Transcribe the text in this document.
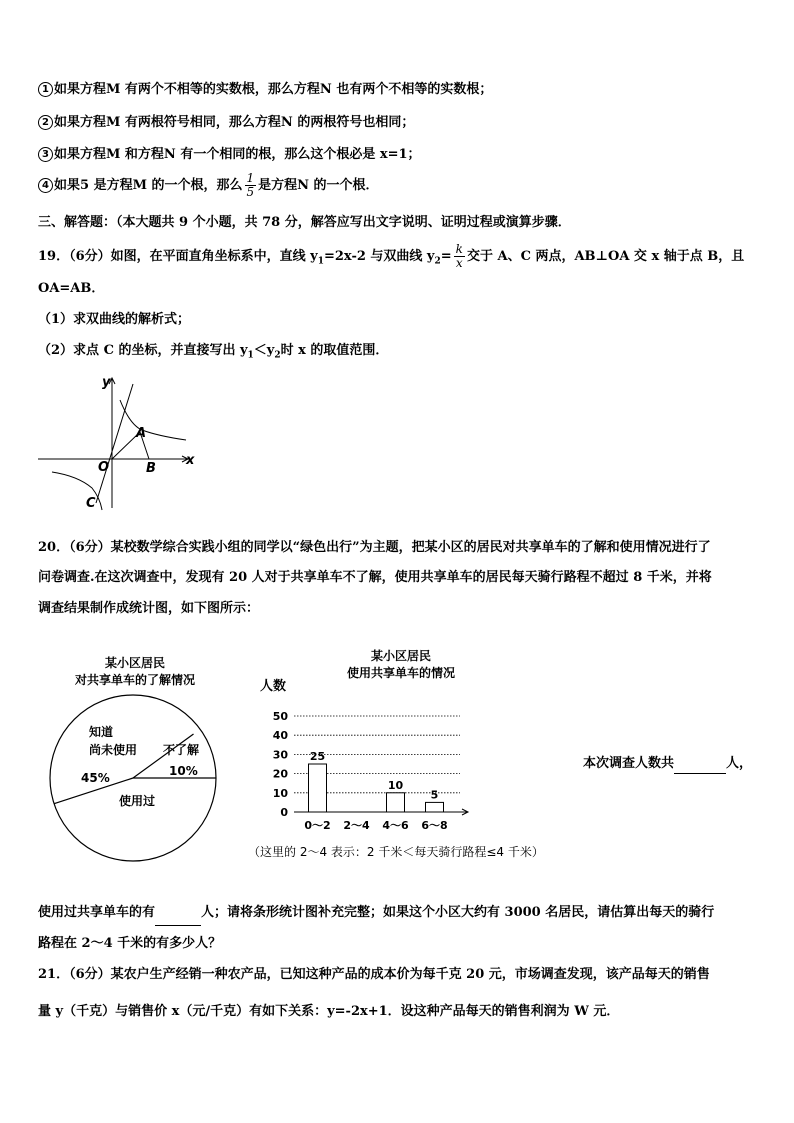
1 如果方程M 有两个不相等的实数根，那么方程N 也有两个不相等的实数根；
2 如果方程M 有两根符号相同，那么方程N 的两根符号也相同；
3 如果方程M 和方程N 有一个相同的根，那么这个根必是 x=1；
4 如果5 是方程M 的一个根，那么 $\frac{1}{5}$ 是方程N 的一个根．
三、解答题：（本大题共 9 个小题，共 78 分，解答应写出文字说明、证明过程或演算步骤．
19．（6分）如图，在平面直角坐标系中，直线 $y_1=2x-2$ 与双曲线 $y_2= \frac{k}{x}$ 交于 A、C 两点，AB⊥OA 交 x 轴于点 B，且
OA=AB．
（1）求双曲线的解析式；
（2）求点 C 的坐标，并直接写出 $y_1<y_2$时 x 的取值范围．
y
x
O
A
B
C
20．（6分）某校数学综合实践小组的同学以“绿色出行”为主题，把某小区的居民对共享单车的了解和使用情况进行了
问卷调查.在这次调查中，发现有 20 人对于共享单车不了解，使用共享单车的居民每天骑行路程不超过 8 千米，并将
调查结果制作成统计图，如下图所示：
某小区居民
对共享单车的了解情况
知道
尚未使用
45%
不了解
10%
使用过
某小区居民
使用共享单车的情况
人数
0
10
20
30
40
50
25
0～2 2～4
10
4～6
5
6～8
（这里的 2～4 表示：2 千米＜每天骑行路程≤4 千米）
本次调查人数共	人，
使用过共享单车的有	人；请将条形统计图补充完整；如果这个小区大约有 3000 名居民，请估算出每天的骑行
路程在 2～4 千米的有多少人？
21．（6分）某农户生产经销一种农产品，已知这种产品的成本价为每千克 20 元，市场调查发现，该产品每天的销售
量 y（千克）与销售价 x（元/千克）有如下关系：y=-2x+1．设这种产品每天的销售利润为 W 元．
